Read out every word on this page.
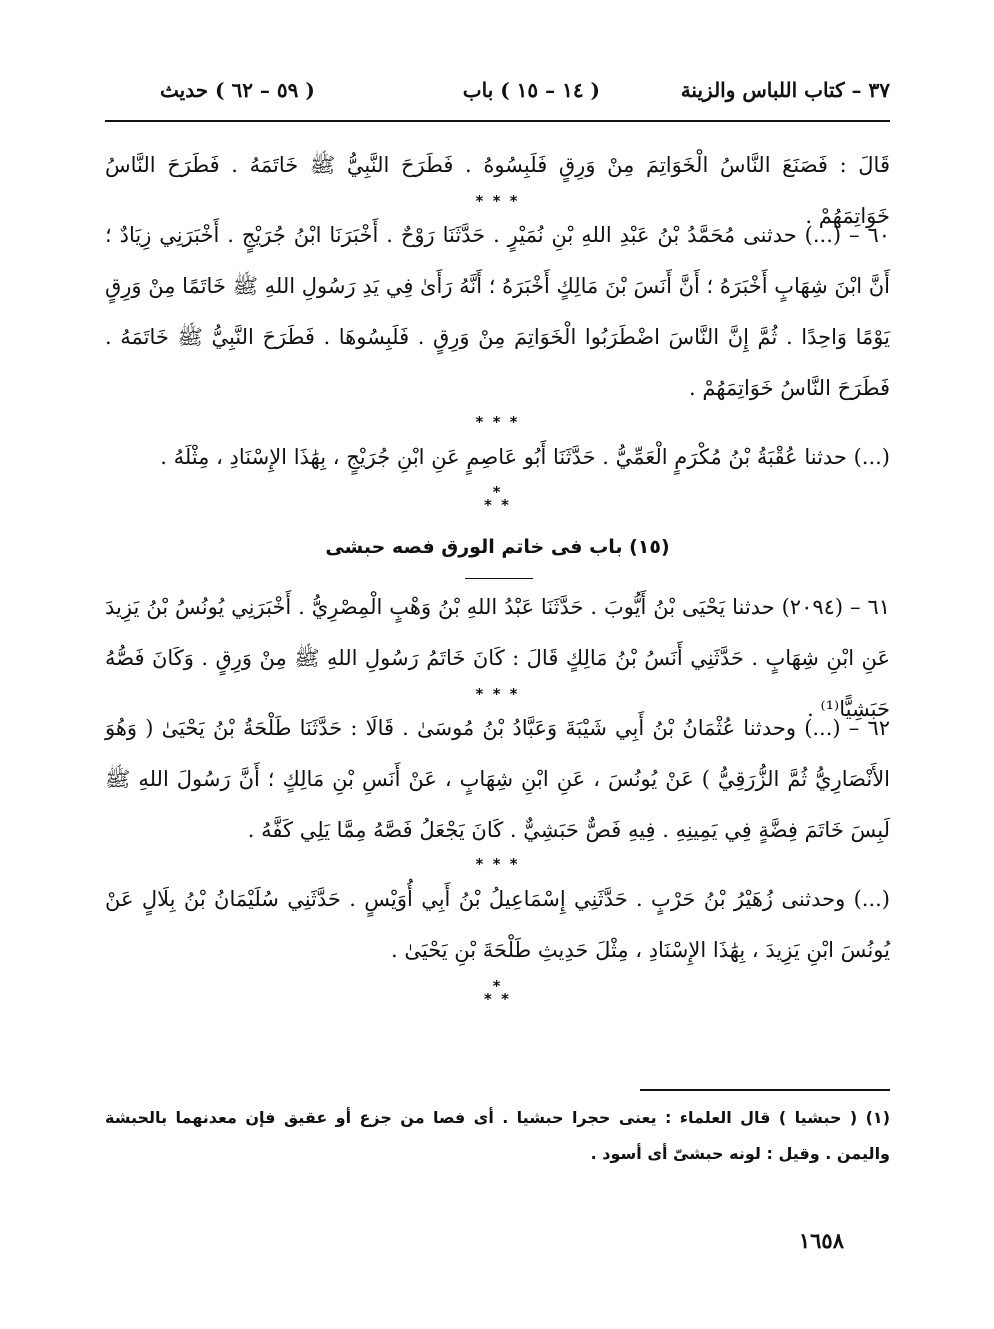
٣٧ – كتاب اللباس والزينة
( ١٤ – ١٥ ) باب
( ٥٩ – ٦٢ ) حديث

قَالَ : فَصَنَعَ النَّاسُ الْخَوَاتِمَ مِنْ وَرِقٍ فَلَبِسُوهُ . فَطَرَحَ النَّبِيُّ ﷺ خَاتَمَهُ . فَطَرَحَ النَّاسُ خَوَاتِمَهُمْ .

* * *

٦٠ – (...) حدثنى مُحَمَّدُ بْنُ عَبْدِ اللهِ بْنِ نُمَيْرٍ . حَدَّثَنَا رَوْحٌ . أَخْبَرَنَا ابْنُ جُرَيْجٍ . أَخْبَرَنِي زِيَادٌ ؛ أَنَّ ابْنَ شِهَابٍ أَخْبَرَهُ ؛ أَنَّ أَنَسَ بْنَ مَالِكٍ أَخْبَرَهُ ؛ أَنَّهُ رَأَىٰ فِي يَدِ رَسُولِ اللهِ ﷺ خَاتَمًا مِنْ وَرِقٍ يَوْمًا وَاحِدًا . ثُمَّ إِنَّ النَّاسَ اضْطَرَبُوا الْخَوَاتِمَ مِنْ وَرِقٍ . فَلَبِسُوهَا . فَطَرَحَ النَّبِيُّ ﷺ خَاتَمَهُ . فَطَرَحَ النَّاسُ خَوَاتِمَهُمْ .

* * *

(...) حدثنا عُقْبَةُ بْنُ مُكْرَمٍ الْعَمِّيُّ . حَدَّثَنَا أَبُو عَاصِمٍ عَنِ ابْنِ جُرَيْجٍ ، بِهَٰذَا الإِسْنَادِ ، مِثْلَهُ .

*
* *
(١٥) باب فى خاتم الورق فصه حبشى

٦١ – (٢٠٩٤) حدثنا يَحْيَى بْنُ أَيُّوبَ . حَدَّثَنَا عَبْدُ اللهِ بْنُ وَهْبٍ الْمِصْرِيُّ . أَخْبَرَنِي يُونُسُ بْنُ يَزِيدَ عَنِ ابْنِ شِهَابٍ . حَدَّثَنِي أَنَسُ بْنُ مَالِكٍ قَالَ : كَانَ خَاتَمُ رَسُولِ اللهِ ﷺ مِنْ وَرِقٍ . وَكَانَ فَصُّهُ حَبَشِيًّا⁽¹⁾ .

* * *

٦٢ – (...) وحدثنا عُثْمَانُ بْنُ أَبِي شَيْبَةَ وَعَبَّادُ بْنُ مُوسَىٰ . قَالَا : حَدَّثَنَا طَلْحَةُ بْنُ يَحْيَىٰ ( وَهُوَ الأَنْصَارِيُّ ثُمَّ الزُّرَقِيُّ ) عَنْ يُونُسَ ، عَنِ ابْنِ شِهَابٍ ، عَنْ أَنَسِ بْنِ مَالِكٍ ؛ أَنَّ رَسُولَ اللهِ ﷺ لَبِسَ خَاتَمَ فِضَّةٍ فِي يَمِينِهِ . فِيهِ فَصٌّ حَبَشِيٌّ . كَانَ يَجْعَلُ فَصَّهُ مِمَّا يَلِي كَفَّهُ .

* * *

(...) وحدثنى زُهَيْرُ بْنُ حَرْبٍ . حَدَّثَنِي إِسْمَاعِيلُ بْنُ أَبِي أُوَيْسٍ . حَدَّثَنِي سُلَيْمَانُ بْنُ بِلَالٍ عَنْ يُونُسَ ابْنِ يَزِيدَ ، بِهَٰذَا الإِسْنَادِ ، مِثْلَ حَدِيثِ طَلْحَةَ بْنِ يَحْيَىٰ .

*
* *

(١) ( حبشيا ) قال العلماء : يعنى حجرا حبشيا . أى فصا من جزع أو عقيق فإن معدنهما بالحبشة واليمن . وقيل : لونه حبشىّ أى أسود .

١٦٥٨
